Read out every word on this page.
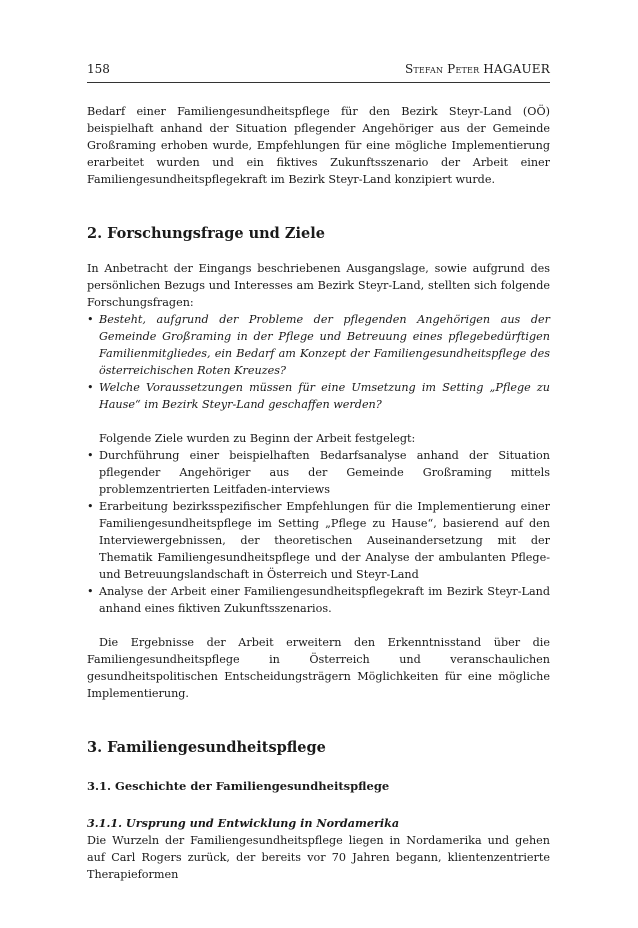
158	Stefan Peter HAGAUER

Bedarf einer Familiengesundheitspflege für den Bezirk Steyr-Land (OÖ) beispielhaft anhand der Situation pflegender Angehöriger aus der Gemeinde Großraming erhoben wurde, Empfehlungen für eine mögliche Implementierung erarbeitet wurden und ein fiktives Zukunftsszenario der Arbeit einer Familiengesundheitspflegekraft im Bezirk Steyr-Land konzipiert wurde.

2. Forschungsfrage und Ziele

In Anbetracht der Eingangs beschriebenen Ausgangslage, sowie aufgrund des persönlichen Bezugs und Interesses am Bezirk Steyr-Land, stellten sich folgende Forschungsfragen:

• Besteht, aufgrund der Probleme der pflegenden Angehörigen aus der Gemeinde Großraming in der Pflege und Betreuung eines pflegebedürftigen Familienmitgliedes, ein Bedarf am Konzept der Familiengesundheitspflege des österreichischen Roten Kreuzes?
• Welche Voraussetzungen müssen für eine Umsetzung im Setting „Pflege zu Hause“ im Bezirk Steyr-Land geschaffen werden?

Folgende Ziele wurden zu Beginn der Arbeit festgelegt:

• Durchführung einer beispielhaften Bedarfsanalyse anhand der Situation pflegender Angehöriger aus der Gemeinde Großraming mittels problemzentrierten Leitfaden-interviews
• Erarbeitung bezirksspezifischer Empfehlungen für die Implementierung einer Familiengesundheitspflege im Setting „Pflege zu Hause“, basierend auf den Interviewergebnissen, der theoretischen Auseinandersetzung mit der Thematik Familiengesundheitspflege und der Analyse der ambulanten Pflege- und Betreuungslandschaft in Österreich und Steyr-Land
• Analyse der Arbeit einer Familiengesundheitspflegekraft im Bezirk Steyr-Land anhand eines fiktiven Zukunftsszenarios.

Die Ergebnisse der Arbeit erweitern den Erkenntnisstand über die Familiengesundheitspflege in Österreich und veranschaulichen gesundheitspolitischen Entscheidungsträgern Möglichkeiten für eine mögliche Implementierung.

3. Familiengesundheitspflege
3.1. Geschichte der Familiengesundheitspflege
3.1.1. Ursprung und Entwicklung in Nordamerika

Die Wurzeln der Familiengesundheitspflege liegen in Nordamerika und gehen auf Carl Rogers zurück, der bereits vor 70 Jahren begann, klientenzentrierte Therapieformen
